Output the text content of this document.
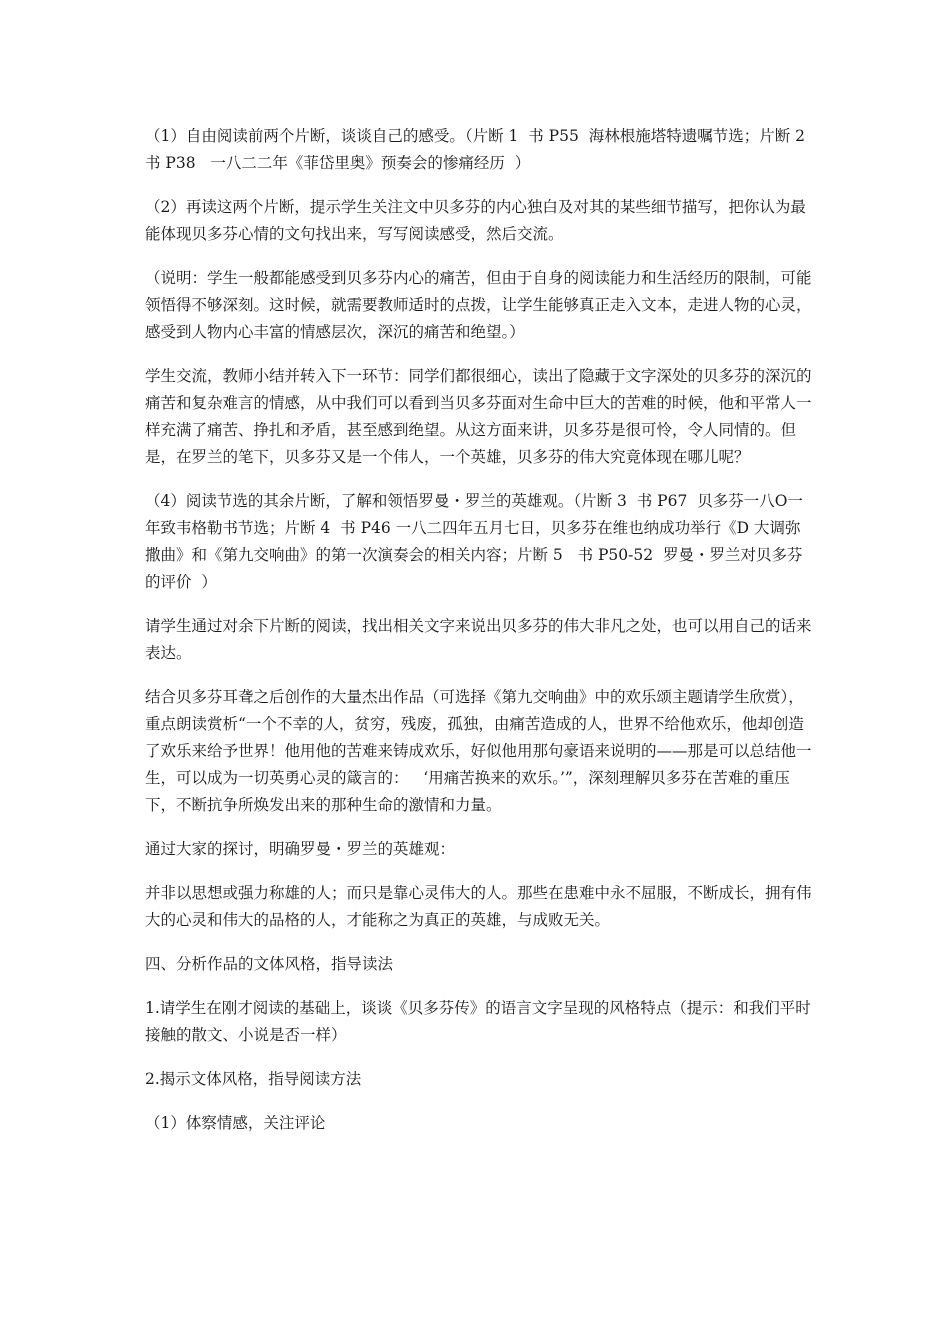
（1）自由阅读前两个片断，谈谈自己的感受。（片断 1  书 P55  海林根施塔特遗嘱节选；片断 2  书 P38   一八二二年《菲岱里奥》预奏会的惨痛经历  ）

（2）再读这两个片断，提示学生关注文中贝多芬的内心独白及对其的某些细节描写，把你认为最能体现贝多芬心情的文句找出来，写写阅读感受，然后交流。

（说明：学生一般都能感受到贝多芬内心的痛苦，但由于自身的阅读能力和生活经历的限制，可能领悟得不够深刻。这时候，就需要教师适时的点拨，让学生能够真正走入文本，走进人物的心灵，感受到人物内心丰富的情感层次，深沉的痛苦和绝望。）

学生交流，教师小结并转入下一环节：同学们都很细心，读出了隐藏于文字深处的贝多芬的深沉的痛苦和复杂难言的情感，从中我们可以看到当贝多芬面对生命中巨大的苦难的时候，他和平常人一样充满了痛苦、挣扎和矛盾，甚至感到绝望。从这方面来讲，贝多芬是很可怜，令人同情的。但是，在罗兰的笔下，贝多芬又是一个伟人，一个英雄，贝多芬的伟大究竟体现在哪儿呢？

（4）阅读节选的其余片断，了解和领悟罗曼・罗兰的英雄观。（片断 3  书 P67  贝多芬一八O一年致韦格勒书节选；片断 4  书 P46 一八二四年五月七日，贝多芬在维也纳成功举行《D 大调弥撒曲》和《第九交响曲》的第一次演奏会的相关内容；片断 5   书 P50-52  罗曼・罗兰对贝多芬的评价  ）

请学生通过对余下片断的阅读，找出相关文字来说出贝多芬的伟大非凡之处，也可以用自己的话来表达。

结合贝多芬耳聋之后创作的大量杰出作品（可选择《第九交响曲》中的欢乐颂主题请学生欣赏），重点朗读赏析“一个不幸的人，贫穷，残废，孤独，由痛苦造成的人，世界不给他欢乐，他却创造了欢乐来给予世界！他用他的苦难来铸成欢乐，好似他用那句豪语来说明的——那是可以总结他一生，可以成为一切英勇心灵的箴言的：   ‘用痛苦换来的欢乐。’”，深刻理解贝多芬在苦难的重压下，不断抗争所焕发出来的那种生命的激情和力量。

通过大家的探讨，明确罗曼・罗兰的英雄观：

并非以思想或强力称雄的人；而只是靠心灵伟大的人。那些在患难中永不屈服，不断成长，拥有伟大的心灵和伟大的品格的人，才能称之为真正的英雄，与成败无关。

四、分析作品的文体风格，指导读法

1.请学生在刚才阅读的基础上，谈谈《贝多芬传》的语言文字呈现的风格特点（提示：和我们平时接触的散文、小说是否一样）

2.揭示文体风格，指导阅读方法

（1）体察情感，关注评论
